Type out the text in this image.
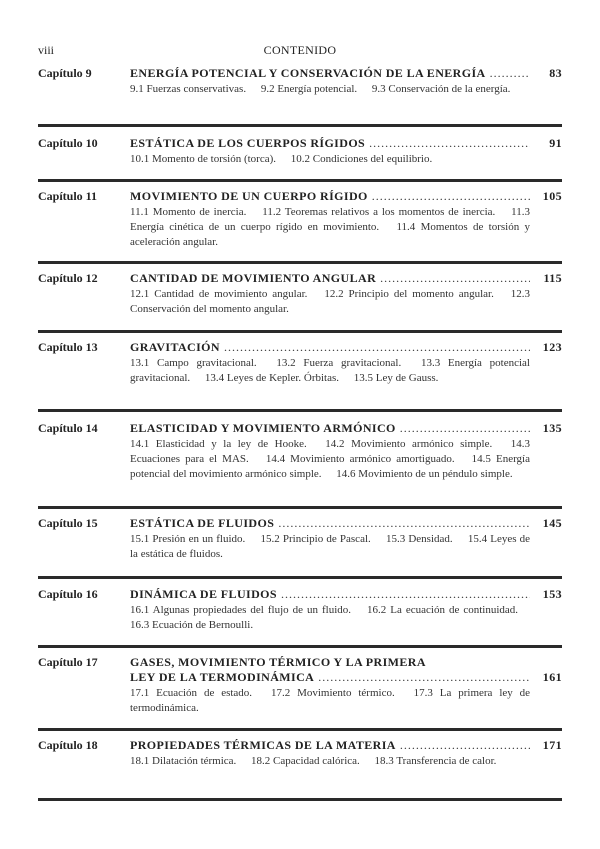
viii	CONTENIDO
Capítulo 9	ENERGÍA POTENCIAL Y CONSERVACIÓN DE LA ENERGÍA . . .	83
9.1 Fuerzas conservativas. 9.2 Energía potencial. 9.3 Conservación de la energía.
Capítulo 10	ESTÁTICA DE LOS CUERPOS RÍGIDOS . . .	91
10.1 Momento de torsión (torca). 10.2 Condiciones del equilibrio.
Capítulo 11	MOVIMIENTO DE UN CUERPO RÍGIDO . . .	105
11.1 Momento de inercia. 11.2 Teoremas relativos a los momentos de inercia. 11.3 Energía cinética de un cuerpo rígido en movimiento. 11.4 Momentos de torsión y aceleración angular.
Capítulo 12	CANTIDAD DE MOVIMIENTO ANGULAR . . .	115
12.1 Cantidad de movimiento angular. 12.2 Principio del momento angular. 12.3 Conservación del momento angular.
Capítulo 13	GRAVITACIÓN . . .	123
13.1 Campo gravitacional. 13.2 Fuerza gravitacional. 13.3 Energía potencial gravitacional. 13.4 Leyes de Kepler. Órbitas. 13.5 Ley de Gauss.
Capítulo 14	ELASTICIDAD Y MOVIMIENTO ARMÓNICO . . .	135
14.1 Elasticidad y la ley de Hooke. 14.2 Movimiento armónico simple. 14.3 Ecuaciones para el MAS. 14.4 Movimiento armónico amortiguado. 14.5 Energía potencial del movimiento armónico simple. 14.6 Movimiento de un péndulo simple.
Capítulo 15	ESTÁTICA DE FLUIDOS . . .	145
15.1 Presión en un fluido. 15.2 Principio de Pascal. 15.3 Densidad. 15.4 Leyes de la estática de fluidos.
Capítulo 16	DINÁMICA DE FLUIDOS . . .	153
16.1 Algunas propiedades del flujo de un fluido. 16.2 La ecuación de continuidad. 16.3 Ecuación de Bernoulli.
Capítulo 17	GASES, MOVIMIENTO TÉRMICO Y LA PRIMERA
LEY DE LA TERMODINÁMICA . . .	161
17.1 Ecuación de estado. 17.2 Movimiento térmico. 17.3 La primera ley de termodinámica.
Capítulo 18	PROPIEDADES TÉRMICAS DE LA MATERIA . . .	171
18.1 Dilatación térmica. 18.2 Capacidad calórica. 18.3 Transferencia de calor.
